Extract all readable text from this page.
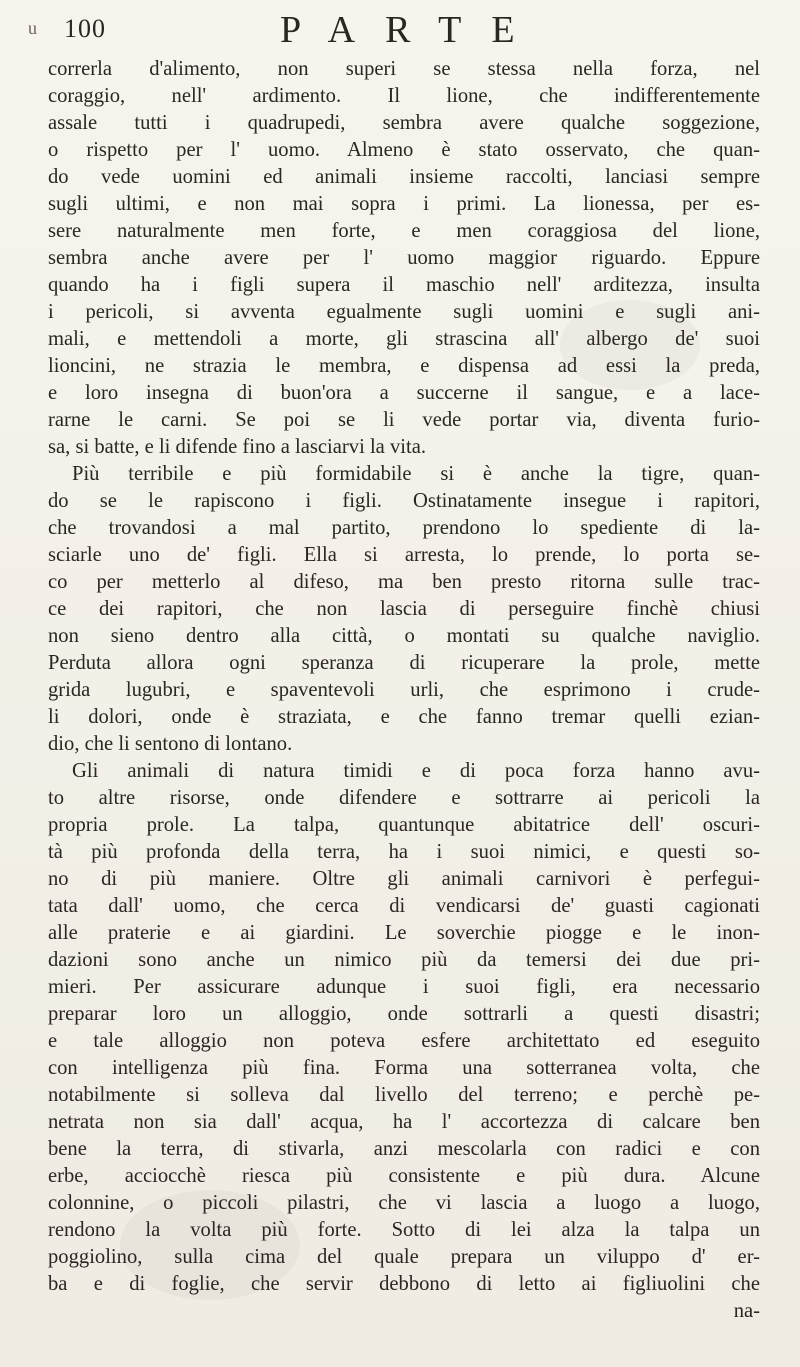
u 100	PARTE
correrla d'alimento, non superi se stessa nella forza, nel
coraggio, nell' ardimento. Il lione, che indifferentemente
assale tutti i quadrupedi, sembra avere qualche soggezione,
o rispetto per l' uomo. Almeno è stato osservato, che quan-
do vede uomini ed animali insieme raccolti, lanciasi sempre
sugli ultimi, e non mai sopra i primi. La lionessa, per es-
sere naturalmente men forte, e men coraggiosa del lione,
sembra anche avere per l' uomo maggior riguardo. Eppure
quando ha i figli supera il maschio nell' arditezza, insulta
i pericoli, si avventa egualmente sugli uomini e sugli ani-
mali, e mettendoli a morte, gli strascina all' albergo de' suoi
lioncini, ne strazia le membra, e dispensa ad essi la preda,
e loro insegna di buon'ora a succerne il sangue, e a lace-
rarne le carni. Se poi se li vede portar via, diventa furio-
sa, si batte, e li difende fino a lasciarvi la vita.
Più terribile e più formidabile si è anche la tigre, quan-
do se le rapiscono i figli. Ostinatamente insegue i rapitori,
che trovandosi a mal partito, prendono lo spediente di la-
sciarle uno de' figli. Ella si arresta, lo prende, lo porta se-
co per metterlo al difeso, ma ben presto ritorna sulle trac-
ce dei rapitori, che non lascia di perseguire finchè chiusi
non sieno dentro alla città, o montati su qualche naviglio.
Perduta allora ogni speranza di ricuperare la prole, mette
grida lugubri, e spaventevoli urli, che esprimono i crude-
li dolori, onde è straziata, e che fanno tremar quelli ezian-
dio, che li sentono di lontano.
Gli animali di natura timidi e di poca forza hanno avu-
to altre risorse, onde difendere e sottrarre ai pericoli la
propria prole. La talpa, quantunque abitatrice dell' oscuri-
tà più profonda della terra, ha i suoi nimici, e questi so-
no di più maniere. Oltre gli animali carnivori è perfegui-
tata dall' uomo, che cerca di vendicarsi de' guasti cagionati
alle praterie e ai giardini. Le soverchie piogge e le inon-
dazioni sono anche un nimico più da temersi dei due pri-
mieri. Per assicurare adunque i suoi figli, era necessario
preparar loro un alloggio, onde sottrarli a questi disastri;
e tale alloggio non poteva esfere architettato ed eseguito
con intelligenza più fina. Forma una sotterranea volta, che
notabilmente si solleva dal livello del terreno; e perchè pe-
netrata non sia dall' acqua, ha l' accortezza di calcare ben
bene la terra, di stivarla, anzi mescolarla con radici e con
erbe, acciocchè riesca più consistente e più dura. Alcune
colonnine, o piccoli pilastri, che vi lascia a luogo a luogo,
rendono la volta più forte. Sotto di lei alza la talpa un
poggiolino, sulla cima del quale prepara un viluppo d' er-
ba e di foglie, che servir debbono di letto ai figliuolini che
na-
